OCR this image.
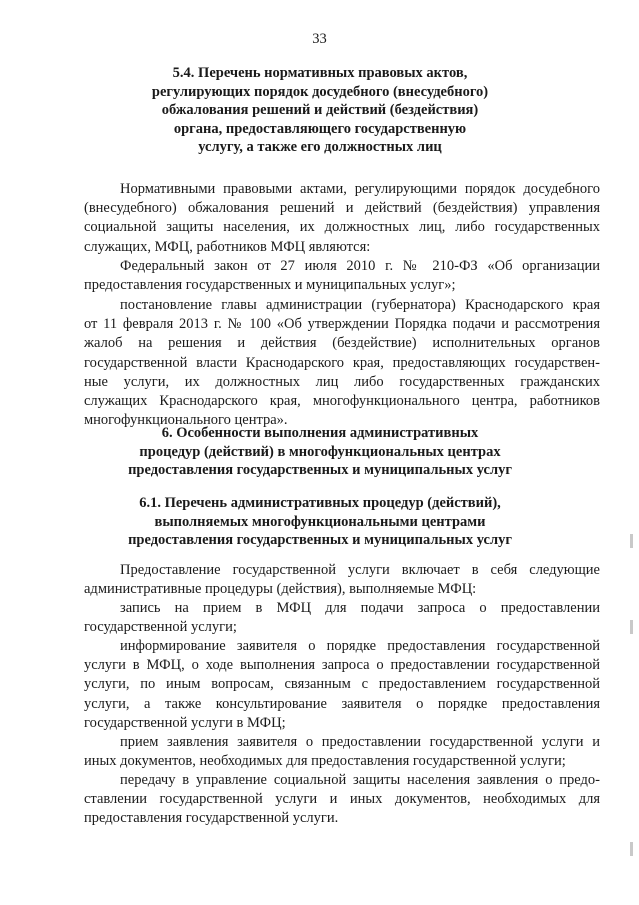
33
5.4. Перечень нормативных правовых актов,
регулирующих порядок досудебного (внесудебного)
обжалования решений и действий (бездействия)
органа, предоставляющего государственную
услугу, а также его должностных лиц
Нормативными правовыми актами, регулирующими порядок досудебного
(внесудебного) обжалования решений и действий (бездействия) управления
социальной защиты населения, их должностных лиц, либо государственных
служащих, МФЦ, работников МФЦ являются:
Федеральный закон от 27 июля 2010 г. № 210-ФЗ «Об организации
предоставления государственных и муниципальных услуг»;
постановление главы администрации (губернатора) Краснодарского края
от 11 февраля 2013 г. № 100 «Об утверждении Порядка подачи и рассмотрения
жалоб на решения и действия (бездействие) исполнительных органов
государственной власти Краснодарского края, предоставляющих государствен-
ные услуги, их должностных лиц либо государственных гражданских
служащих Краснодарского края, многофункционального центра, работников
многофункционального центра».
6. Особенности выполнения административных
процедур (действий) в многофункциональных центрах
предоставления государственных и муниципальных услуг
6.1. Перечень административных процедур (действий),
выполняемых многофункциональными центрами
предоставления государственных и муниципальных услуг
Предоставление государственной услуги включает в себя следующие
административные процедуры (действия), выполняемые МФЦ:
запись на прием в МФЦ для подачи запроса о предоставлении
государственной услуги;
информирование заявителя о порядке предоставления государственной
услуги в МФЦ, о ходе выполнения запроса о предоставлении государственной
услуги, по иным вопросам, связанным с предоставлением государственной
услуги, а также консультирование заявителя о порядке предоставления
государственной услуги в МФЦ;
прием заявления заявителя о предоставлении государственной услуги и
иных документов, необходимых для предоставления государственной услуги;
передачу в управление социальной защиты населения заявления о предо-
ставлении государственной услуги и иных документов, необходимых для
предоставления государственной услуги.
